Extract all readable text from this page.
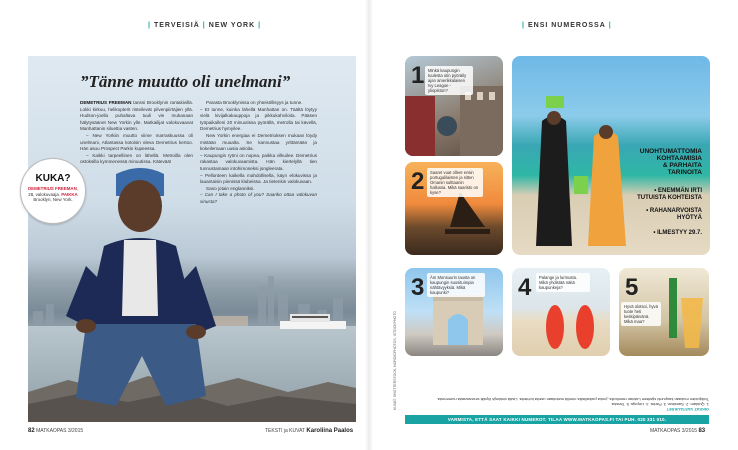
| TERVEISIÄ | NEW YORK |
”Tänne muutto oli unelmani”

DEMETRIUS FREEMAN tanssi Brooklynin rantakivillä. Lokki kirkuu, helikopterit risteilevät pilvenpiirtäjien yllä. Hudson-joella puhaltava tuuli vie mukanaan hälytysäänet New Yorkin ylle. Matkailijat valokuvaavat Manhattanin siluettia vasten.

– New Yorkiin muutto viime marraskuussa oli unelmani, Atlantassa kotoisin oleva Demetrius kertoo. Hän asuu Prospect Parkin kupeessa.

– Kaikki tarpeellinen on lähellä. Metroilla olen ostoksilla kymmenessä minuutissa. Kätevää!

Parasta Brooklynissa on yhteisöllisyys ja tunne.

– Et tunne, kuinka lähellä Manhattan on. Täältä löytyy vielä kivijalkakauppoja ja pikkukahviloita. Pääsen työpaikalleni 20 minuutissa pyörällä, metrolla tai kävellä, Demetrius hymyilee.

New Yorkin energiaa ei Demetriuksen mukaan löydy mistään muualta. Se kannustaa yrittämään ja kokeilemaan uusia asioita.

– Kaupungin rytmi on nopea, paikka vilkuilee. Demetrius rakastaa valokuvaamista. Hän kiertelyllä tien tunnustamaan intohimoneksi jongleerata.

– Pellonteen kaikella mahdollisella, käyn elokuvissa ja lauantaisin pienissä klubeissa. Ja tietenkin valokuvaan.

Sano jotain englanniksi.

– Can I take a photo of you? Saanko ottaa valokuvan sinusta?

KUKA?
DEMETRIUS FREEMAN, 28, valokuvaaja. PAIKKA Brooklyn, New York.
82 MATKAOPAS 3/2015	TEKSTI ja KUVAT Karoliina Paalos
| ENSI NUMEROSSA |
1 Minkä kaupungin tuulesta otin pyöräily ajan amerikkalaisen Ivy League -yliopiston?
2	Saaret vuat olleet ensin portugalilaisten ja sitten Omanin sulttaanin hallussa. Mikä saaristo on kyse?
UNOHTUMATTOMIA
KOHTAAMISIA
& PARHAITA
TARINOITA
• ENEMMÄN IRTI
TUTUISTA KOHTEISTA
• RAHANARVOISTA
HYÖTYÄ
• ILMESTYY 29.7.
3	Äm Monsuurin tausta on kaupungin suosituimpia nähtävyyksiä. Mikä kaupunki?	4	Palange ja lurmusta. Mikä yhdistää näitä kaupunkeja?	5
Hyvä olotsoi, hyvä tuote heti keskipäivänä. Mikä maa?
KUVAT: SHUTTERSTOCK, NORDICPHOTOS, ISTOCKPHOTO	OIKEAT VASTAUKSET
1. Quidam. 2. Sansibar. 3. Pariisi. 4. Liepaja. 5. Tanska.
Tutkijoiden mukaan kaupunki sijaitsee Latvian rannikolla, jonka paikallisilla nimillä mainitaan useita kohteita. Lisää vinkkejä löydät seuraavasta numerosta.
VARMISTA, ETTÄ SAAT KAIKKI NUMEROT. TILAA WWW.MATKAOPAS.FI TAI PUH. 020 331 010.
MATKAOPAS 3/2015 83
